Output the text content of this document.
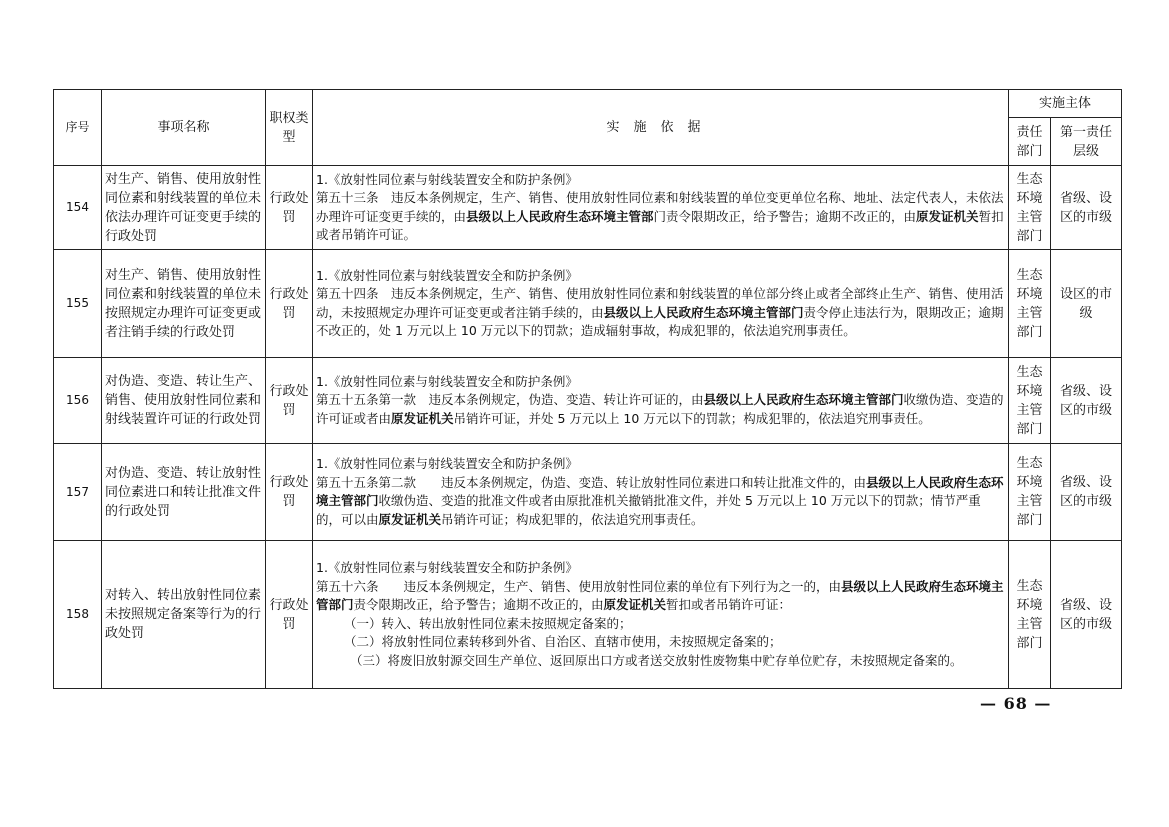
序号	事项名称	职权类型	实施依据	实施主体	
				责任部门	第一责任层级
154	对生产、销售、使用放射性同位素和射线装置的单位未依法办理许可证变更手续的行政处罚	行政处罚	1.《放射性同位素与射线装置安全和防护条例》
第五十三条　违反本条例规定，生产、销售、使用放射性同位素和射线装置的单位变更单位名称、地址、法定代表人，未依法办理许可证变更手续的，由县级以上人民政府生态环境主管部门责令限期改正，给予警告；逾期不改正的，由原发证机关暂扣或者吊销许可证。	生态环境主管部门	省级、设区的市级
155	对生产、销售、使用放射性同位素和射线装置的单位未按照规定办理许可证变更或者注销手续的行政处罚	行政处罚	1.《放射性同位素与射线装置安全和防护条例》
第五十四条　违反本条例规定，生产、销售、使用放射性同位素和射线装置的单位部分终止或者全部终止生产、销售、使用活动，未按照规定办理许可证变更或者注销手续的，由县级以上人民政府生态环境主管部门责令停止违法行为，限期改正；逾期不改正的，处 1 万元以上 10 万元以下的罚款；造成辐射事故，构成犯罪的，依法追究刑事责任。	生态环境主管部门	设区的市级
156	对伪造、变造、转让生产、销售、使用放射性同位素和射线装置许可证的行政处罚	行政处罚	1.《放射性同位素与射线装置安全和防护条例》
第五十五条第一款　违反本条例规定，伪造、变造、转让许可证的，由县级以上人民政府生态环境主管部门收缴伪造、变造的许可证或者由原发证机关吊销许可证，并处 5 万元以上 10 万元以下的罚款；构成犯罪的，依法追究刑事责任。	生态环境主管部门	省级、设区的市级
157	对伪造、变造、转让放射性同位素进口和转让批准文件的行政处罚	行政处罚	1.《放射性同位素与射线装置安全和防护条例》
第五十五条第二款　　违反本条例规定，伪造、变造、转让放射性同位素进口和转让批准文件的，由县级以上人民政府生态环境主管部门收缴伪造、变造的批准文件或者由原批准机关撤销批准文件，并处 5 万元以上 10 万元以下的罚款；情节严重的，可以由原发证机关吊销许可证；构成犯罪的，依法追究刑事责任。	生态环境主管部门	省级、设区的市级
158	对转入、转出放射性同位素未按照规定备案等行为的行政处罚	行政处罚	1.《放射性同位素与射线装置安全和防护条例》
第五十六条　　违反本条例规定，生产、销售、使用放射性同位素的单位有下列行为之一的，由县级以上人民政府生态环境主管部门责令限期改正，给予警告；逾期不改正的，由原发证机关暂扣或者吊销许可证：
（一）转入、转出放射性同位素未按照规定备案的；
（二）将放射性同位素转移到外省、自治区、直辖市使用，未按照规定备案的；
（三）将废旧放射源交回生产单位、返回原出口方或者送交放射性废物集中贮存单位贮存，未按照规定备案的。	生态环境主管部门	省级、设区的市级
— 68 —
